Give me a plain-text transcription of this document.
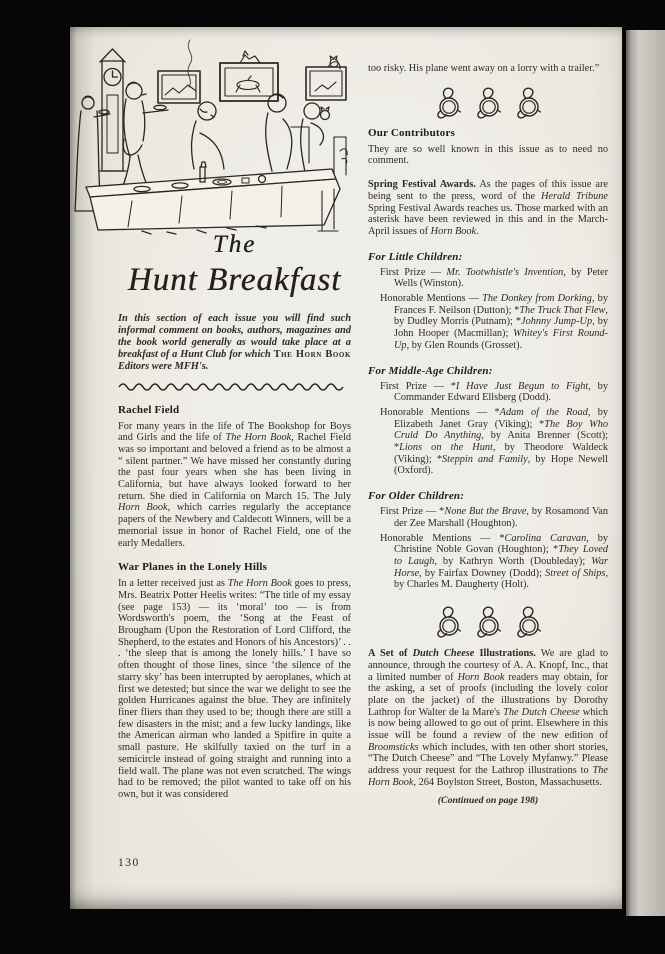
The
Hunt Breakfast

In this section of each issue you will find such informal comment on books, authors, magazines and the book world generally as would take place at a breakfast of a Hunt Club for which The Horn Book Editors were MFH's.

Rachel Field

For many years in the life of The Bookshop for Boys and Girls and the life of The Horn Book, Rachel Field was so important and beloved a friend as to be almost a “ silent partner.” We have missed her constantly during the past four years when she has been living in California, but have always looked forward to her return. She died in California on March 15. The July Horn Book, which carries regularly the acceptance papers of the Newbery and Caldecott Winners, will be a memorial issue in honor of Rachel Field, one of the early Medallers.

War Planes in the Lonely Hills

In a letter received just as The Horn Book goes to press, Mrs. Beatrix Potter Heelis writes: “The title of my essay (see page 153) — its ‘moral’ too — is from Wordsworth's poem, the ‘Song at the Feast of Brougham (Upon the Restoration of Lord Clifford, the Shepherd, to the estates and Honors of his Ancestors)’ . . . ‘the sleep that is among the lonely hills.’ I have so often thought of those lines, since ‘the silence of the starry sky’ has been interrupted by aeroplanes, which at first we detested; but since the war we delight to see the golden Hurricanes against the blue. They are infinitely finer fliers than they used to be; though there are still a few disasters in the mist; and a few lucky landings, like the American airman who landed a Spitfire in quite a small pasture. He skilfully taxied on the turf in a semicircle instead of going straight and running into a field wall. The plane was not even scratched. The wings had to be removed; the pilot wanted to take off on his own, but it was considered

130

too risky. His plane went away on a lorry with a trailer.”

Our Contributors

They are so well known in this issue as to need no comment.

Spring Festival Awards. As the pages of this issue are being sent to the press, word of the Herald Tribune Spring Festival Awards reaches us. Those marked with an asterisk have been reviewed in this and in the March-April issues of Horn Book.

For Little Children:

First Prize — Mr. Tootwhistle's Invention, by Peter Wells (Winston).

Honorable Mentions — The Donkey from Dorking, by Frances F. Neilson (Dutton); *The Truck That Flew, by Dudley Morris (Putnam); *Johnny Jump-Up, by John Hooper (Macmillan); Whitey's First Round-Up, by Glen Rounds (Grosset).

For Middle-Age Children:

First Prize — *I Have Just Begun to Fight, by Commander Edward Ellsberg (Dodd).

Honorable Mentions — *Adam of the Road, by Elizabeth Janet Gray (Viking); *The Boy Who Cruld Do Anything, by Anita Brenner (Scott); *Lions on the Hunt, by Theodore Waldeck (Viking); *Steppin and Family, by Hope Newell (Oxford).

For Older Children:

First Prize — *None But the Brave, by Rosamond Van der Zee Marshall (Houghton).

Honorable Mentions — *Carolina Caravan, by Christine Noble Govan (Houghton); *They Loved to Laugh, by Kathryn Worth (Doubleday); War Horse, by Fairfax Downey (Dodd); Street of Ships, by Charles M. Daugherty (Holt).

A Set of Dutch Cheese Illustrations. We are glad to announce, through the courtesy of A. A. Knopf, Inc., that a limited number of Horn Book readers may obtain, for the asking, a set of proofs (including the lovely color plate on the jacket) of the illustrations by Dorothy Lathrop for Walter de la Mare's The Dutch Cheese which is now being allowed to go out of print. Elsewhere in this issue will be found a review of the new edition of Broomsticks which includes, with ten other short stories, “The Dutch Cheese” and “The Lovely Myfanwy.” Please address your request for the Lathrop illustrations to The Horn Book, 264 Boylston Street, Boston, Massachusetts.

(Continued on page 198)
